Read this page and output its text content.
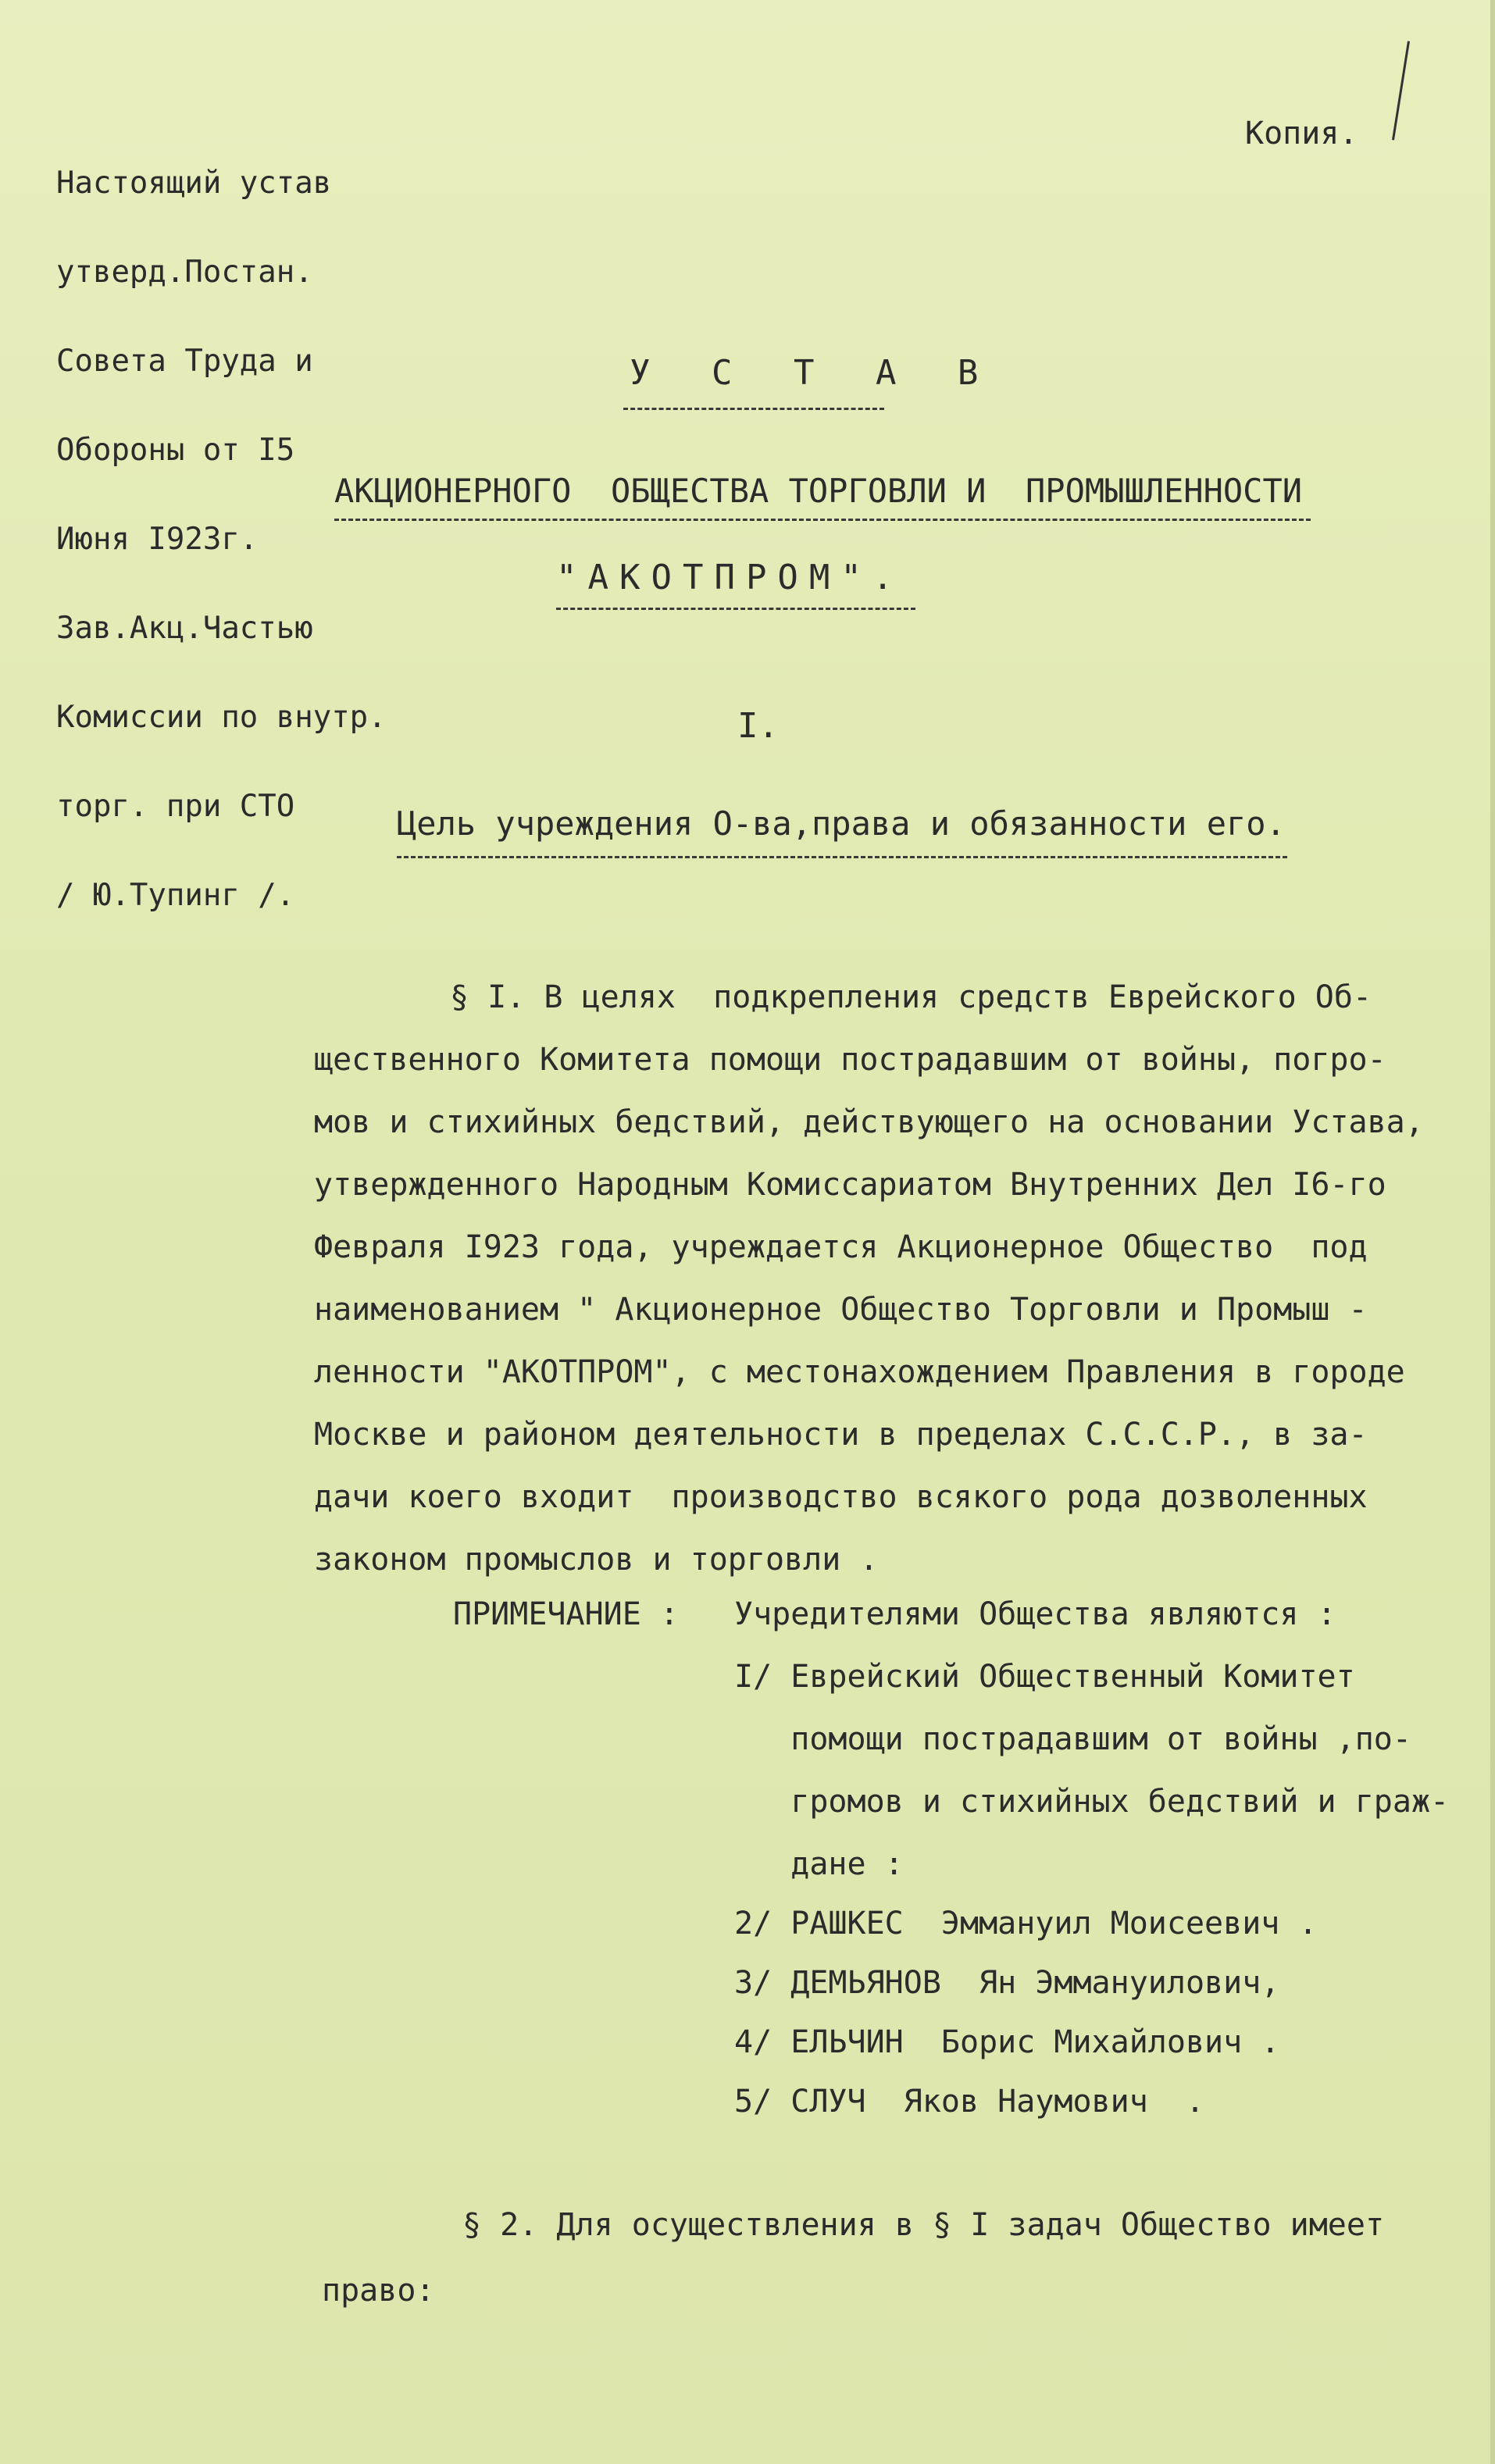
Настоящий устав

утверд.Постан.

Совета Труда и

Обороны от I5

Июня I923г.

Зав.Акц.Частью

Комиссии по внутр.

торг. при СТО

/ Ю.Тупинг /.

Копия.
У С Т А В
АКЦИОНЕРНОГО  ОБЩЕСТВА ТОРГОВЛИ И  ПРОМЫШЛЕННОСТИ
"АКОТПРОМ".
I.
Цель учреждения О-ва,права и обязанности его.
§ I. В целях  подкрепления средств Еврейского Об-
щественного Комитета помощи пострадавшим от войны, погро-
мов и стихийных бедствий, действующего на основании Устава,
утвержденного Народным Комиссариатом Внутренних Дел I6-го
Февраля I923 года, учреждается Акционерное Общество  под
наименованием " Акционерное Общество Торговли и Промыш -
ленности "АКОТПРОМ", с местонахождением Правления в городе
Москве и районом деятельности в пределах С.С.С.Р., в за-
дачи коего входит  производство всякого рода дозволенных
законом промыслов и торговли .
ПРИМЕЧАНИЕ : Учредителями Общества являются :
I/ Еврейский Общественный Комитет
помощи пострадавшим от войны ,по-
громов и стихийных бедствий и граж-
дане :
2/ РАШКЕС  Эммануил Моисеевич .
3/ ДЕМЬЯНОВ  Ян Эммануилович,
4/ ЕЛЬЧИН  Борис Михайлович .
5/ СЛУЧ  Яков Наумович  .
§ 2. Для осуществления в § I задач Общество имеет
право:
